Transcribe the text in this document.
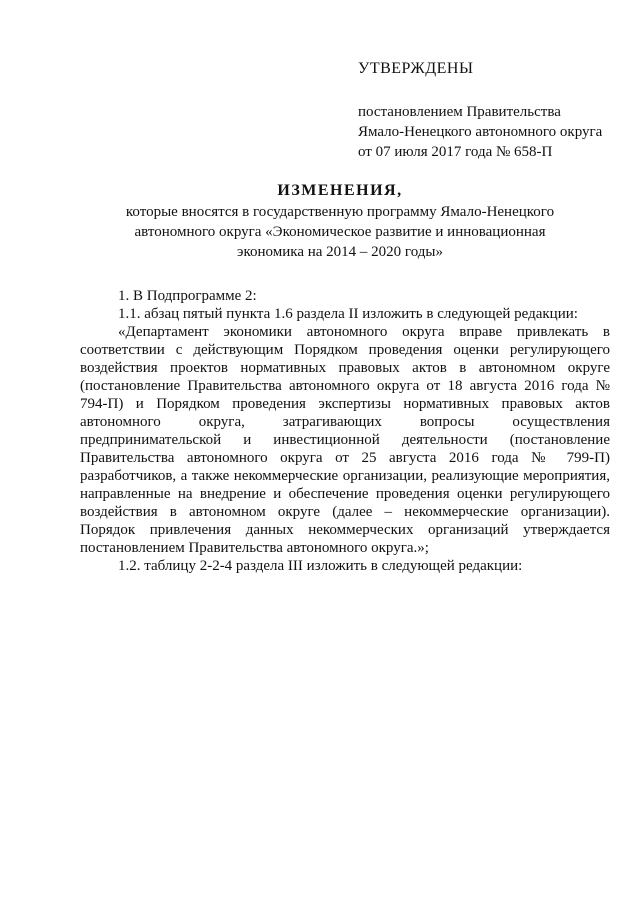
УТВЕРЖДЕНЫ
постановлением Правительства
Ямало-Ненецкого автономного округа
от 07 июля 2017 года № 658-П
ИЗМЕНЕНИЯ,
которые вносятся в государственную программу Ямало-Ненецкого
автономного округа «Экономическое развитие и инновационная
экономика на 2014 – 2020 годы»

1. В Подпрограмме 2:

1.1. абзац пятый пункта 1.6 раздела II изложить в следующей редакции:

«Департамент экономики автономного округа вправе привлекать в соответствии с действующим Порядком проведения оценки регулирующего воздействия проектов нормативных правовых актов в автономном округе (постановление Правительства автономного округа от 18 августа 2016 года № 794-П) и Порядком проведения экспертизы нормативных правовых актов автономного округа, затрагивающих вопросы осуществления предпринимательской и инвестиционной деятельности (постановление Правительства автономного округа от 25 августа 2016 года № 799-П) разработчиков, а также некоммерческие организации, реализующие мероприятия, направленные на внедрение и обеспечение проведения оценки регулирующего воздействия в автономном округе (далее – некоммерческие организации). Порядок привлечения данных некоммерческих организаций утверждается постановлением Правительства автономного округа.»;

1.2. таблицу 2-2-4 раздела III изложить в следующей редакции:
